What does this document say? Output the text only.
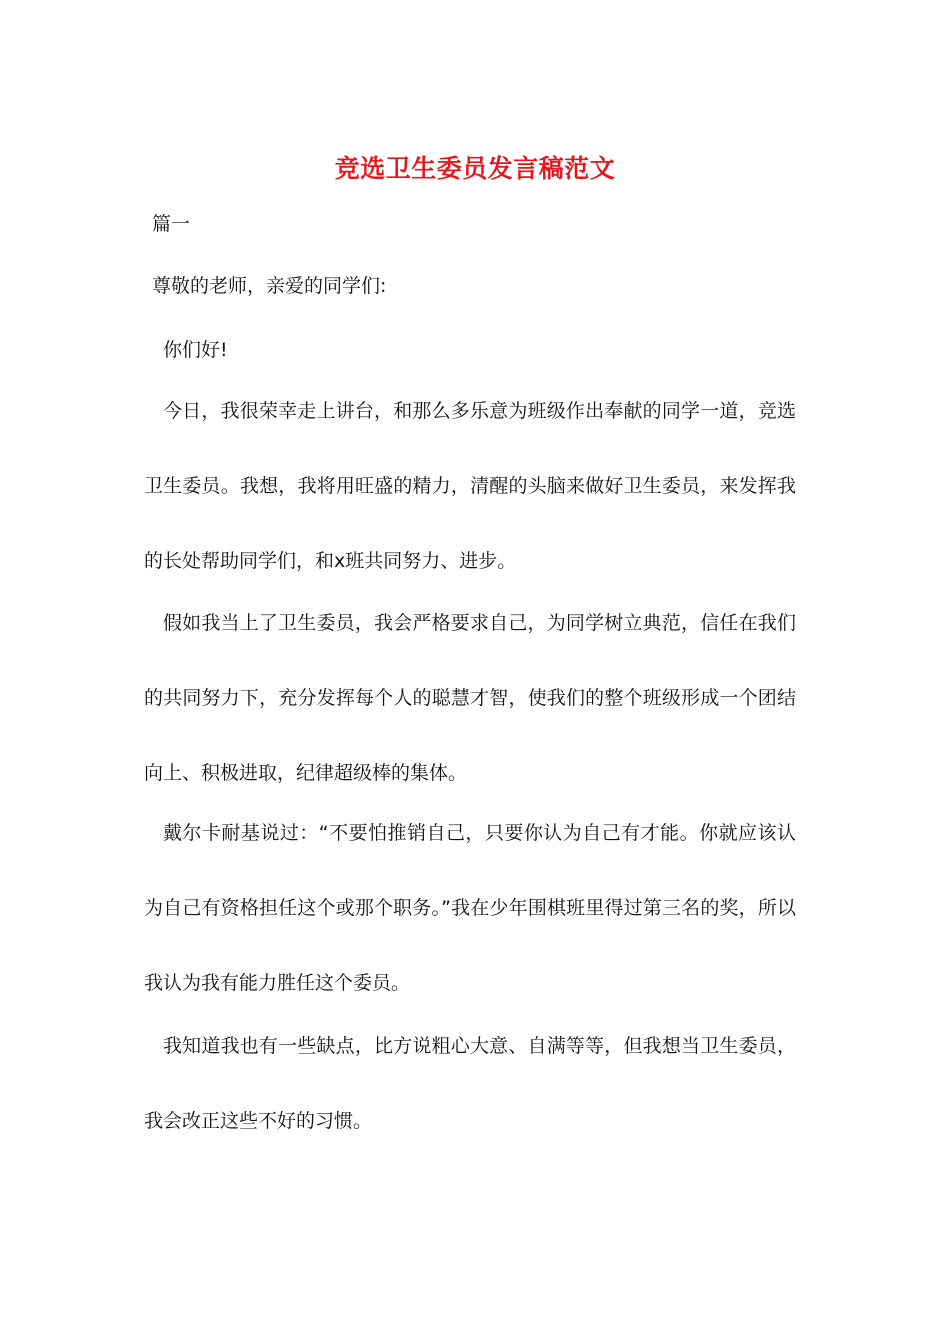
竞选卫生委员发言稿范文
篇一
尊敬的老师，亲爱的同学们:
你们好!

今日，我很荣幸走上讲台，和那么多乐意为班级作出奉献的同学一道，竞选卫生委员。我想，我将用旺盛的精力，清醒的头脑来做好卫生委员，来发挥我的长处帮助同学们，和x班共同努力、进步。

假如我当上了卫生委员，我会严格要求自己，为同学树立典范，信任在我们的共同努力下，充分发挥每个人的聪慧才智，使我们的整个班级形成一个团结向上、积极进取，纪律超级棒的集体。

戴尔卡耐基说过：“不要怕推销自己，只要你认为自己有才能。你就应该认为自己有资格担任这个或那个职务。”我在少年围棋班里得过第三名的奖，所以我认为我有能力胜任这个委员。

我知道我也有一些缺点，比方说粗心大意、自满等等，但我想当卫生委员，我会改正这些不好的习惯。
